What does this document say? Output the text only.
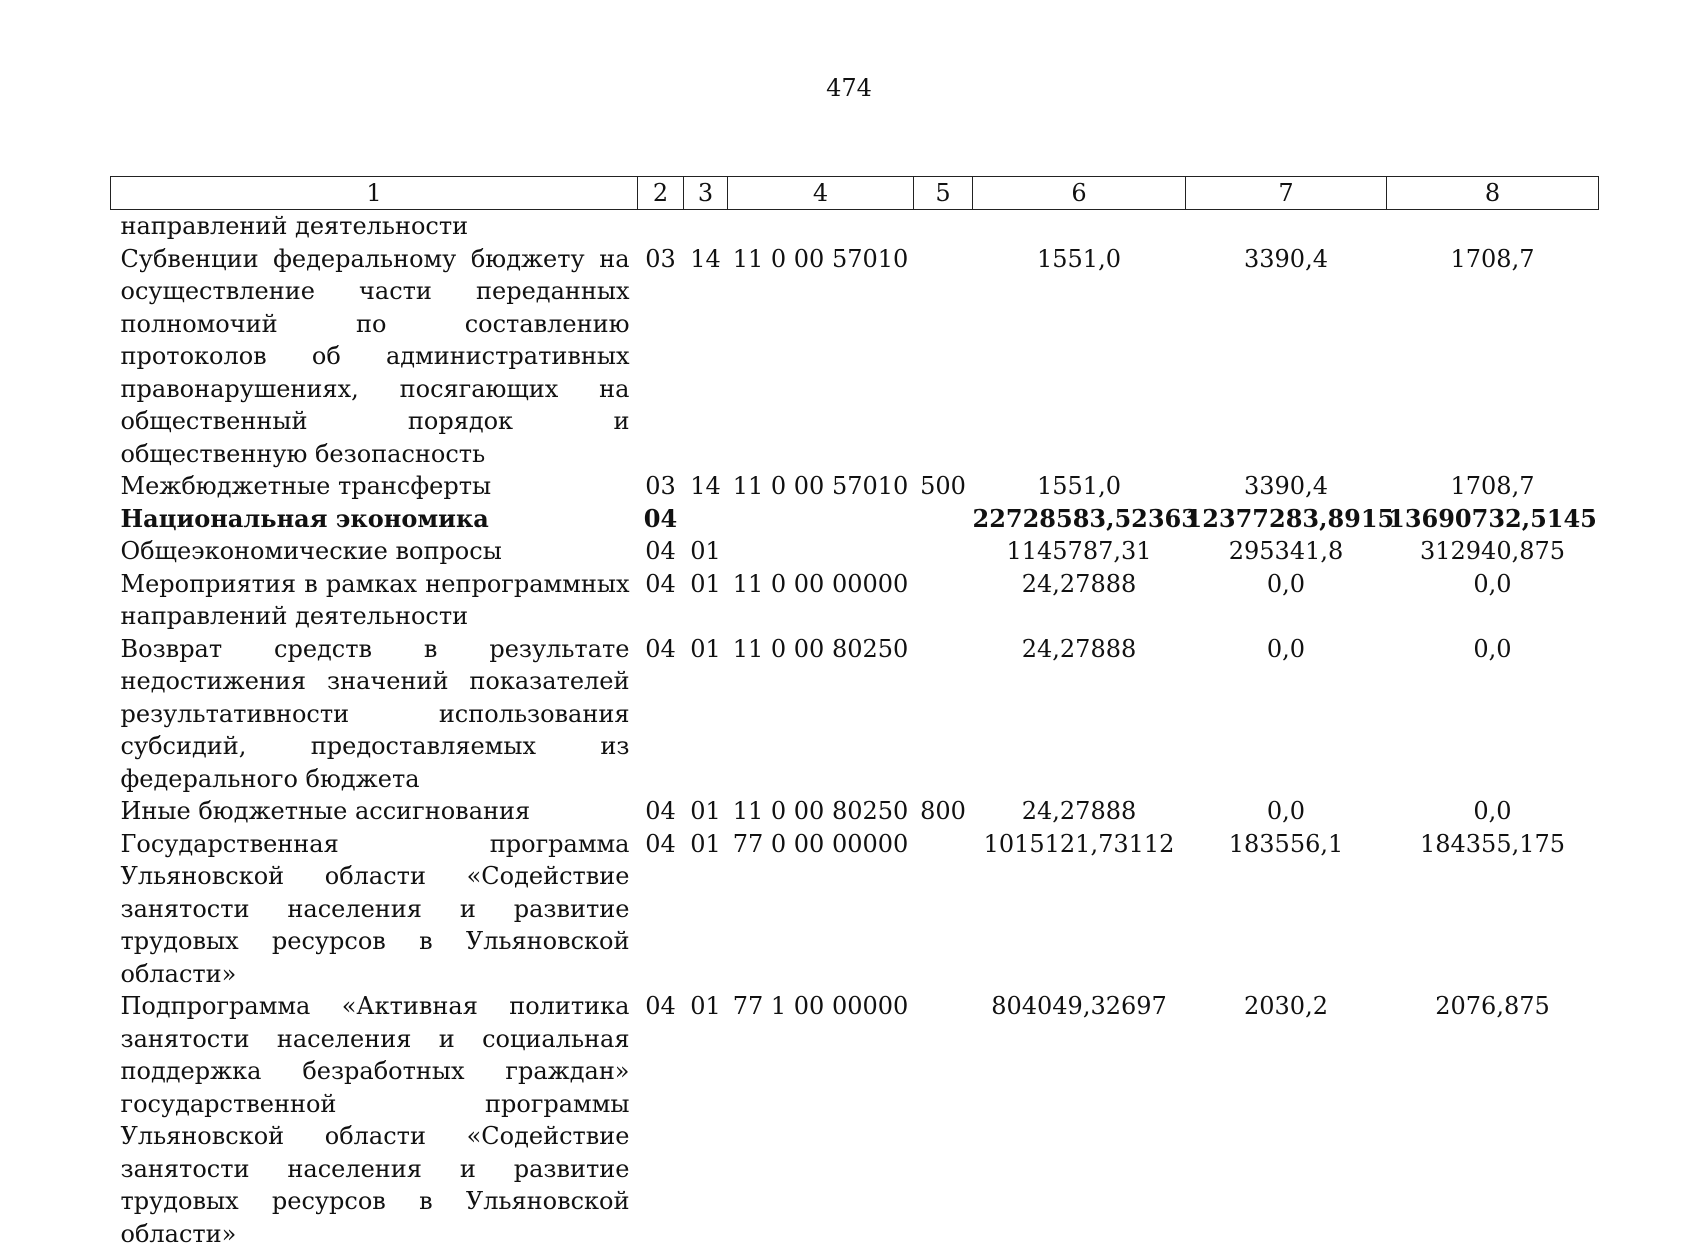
474
1	2	3	4	5	6	7	8
направлений деятельности							
Субвенции федеральному бюджету на осуществление части переданных полномочий по составлению протоколов об административных правонарушениях, посягающих на общественный порядок и общественную безопасность	03	14	11 0 00 57010		1551,0	3390,4	1708,7
Межбюджетные трансферты	03	14	11 0 00 57010	500	1551,0	3390,4	1708,7
Национальная экономика	04				22728583,52363	12377283,8915	13690732,5145
Общеэкономические вопросы	04	01			1145787,31	295341,8	312940,875
Мероприятия в рамках непрограммных направлений деятельности	04	01	11 0 00 00000		24,27888	0,0	0,0
Возврат средств в результате недостижения значений показателей результативности использования субсидий, предоставляемых из федерального бюджета	04	01	11 0 00 80250		24,27888	0,0	0,0
Иные бюджетные ассигнования	04	01	11 0 00 80250	800	24,27888	0,0	0,0
Государственная программа Ульяновской области «Содействие занятости населения и развитие трудовых ресурсов в Ульяновской области»	04	01	77 0 00 00000		1015121,73112	183556,1	184355,175
Подпрограмма «Активная политика занятости населения и социальная поддержка безработных граждан» государственной программы Ульяновской области «Содействие занятости населения и развитие трудовых ресурсов в Ульяновской области»	04	01	77 1 00 00000		804049,32697	2030,2	2076,875
